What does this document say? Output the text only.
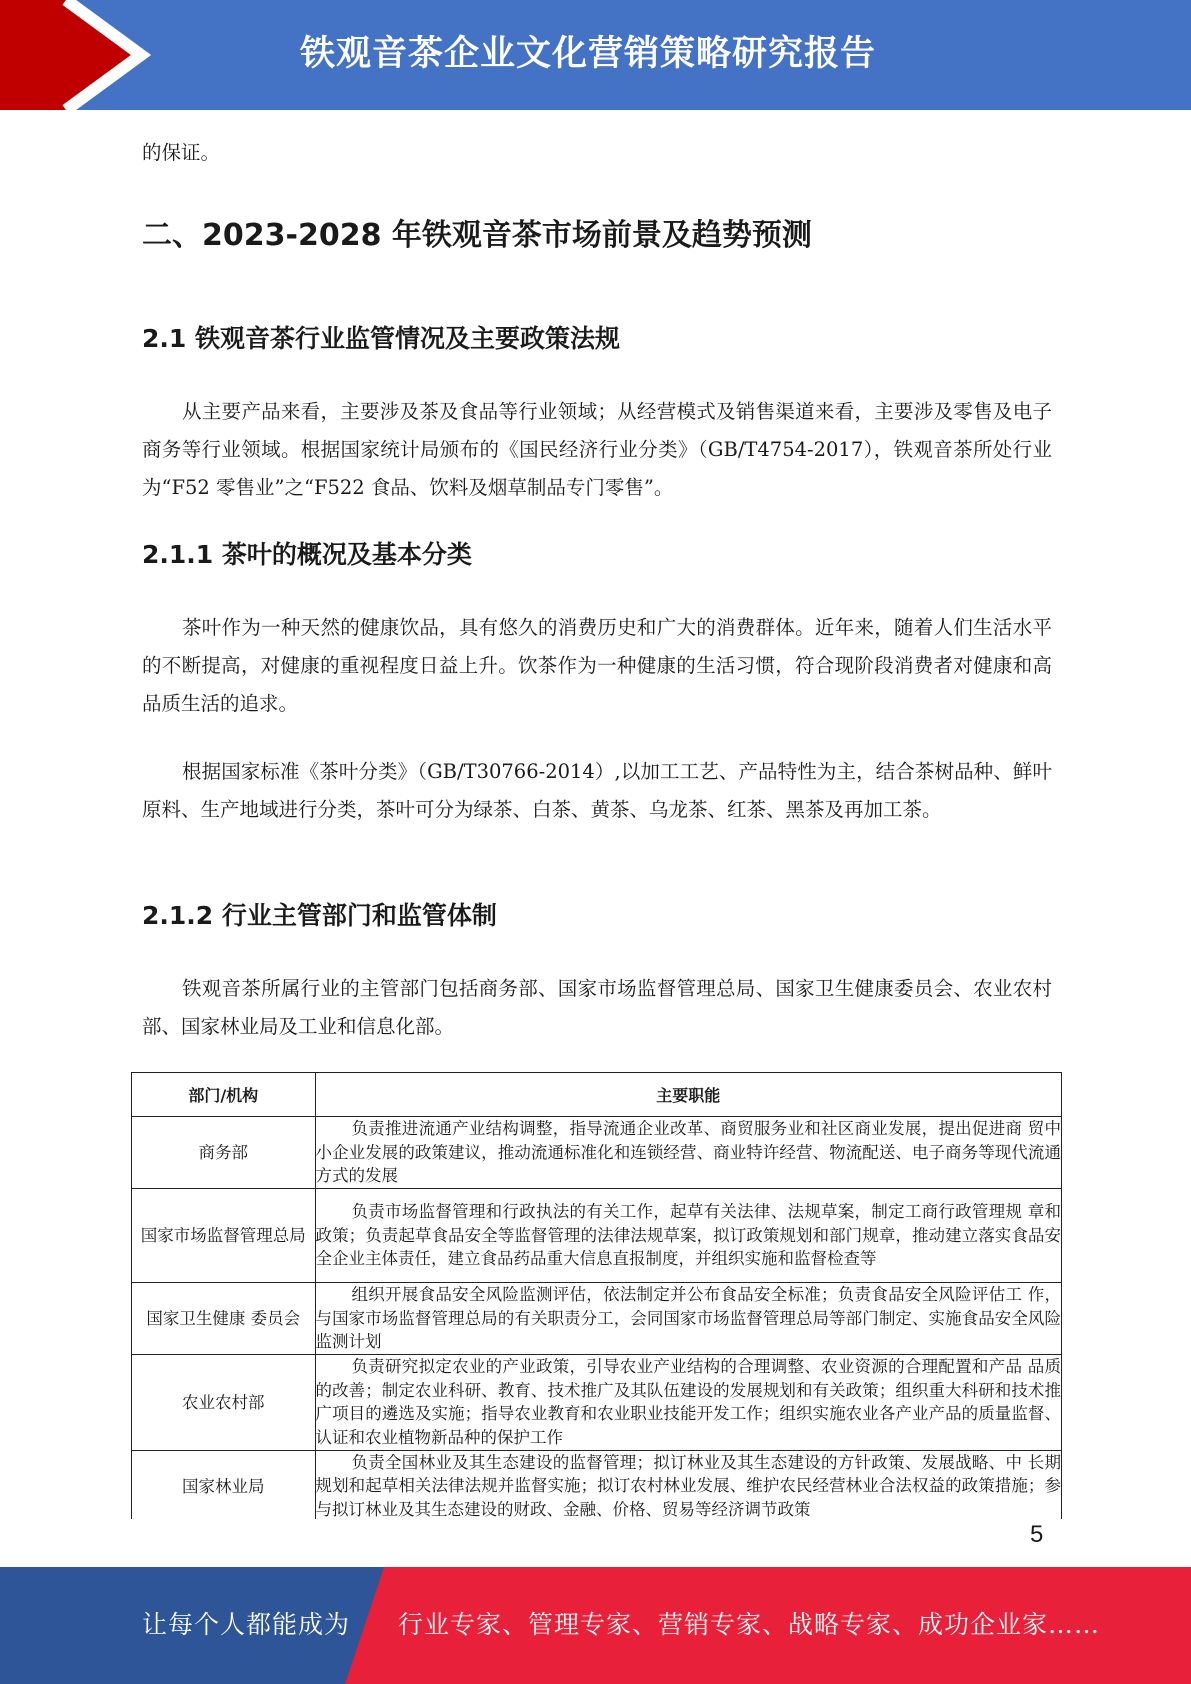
铁观音茶企业文化营销策略研究报告

的保证。

二、2023-2028 年铁观音茶市场前景及趋势预测
2.1 铁观音茶行业监管情况及主要政策法规

从主要产品来看，主要涉及茶及食品等行业领域；从经营模式及销售渠道来看，主要涉及零售及电子商务等行业领域。根据国家统计局颁布的《国民经济行业分类》（GB/T4754-2017），铁观音茶所处行业为“F52 零售业”之“F522 食品、饮料及烟草制品专门零售”。

2.1.1 茶叶的概况及基本分类

茶叶作为一种天然的健康饮品，具有悠久的消费历史和广大的消费群体。近年来，随着人们生活水平的不断提高，对健康的重视程度日益上升。饮茶作为一种健康的生活习惯，符合现阶段消费者对健康和高品质生活的追求。

根据国家标准《茶叶分类》（GB/T30766-2014）,以加工工艺、产品特性为主，结合茶树品种、鲜叶原料、生产地域进行分类，茶叶可分为绿茶、白茶、黄茶、乌龙茶、红茶、黑茶及再加工茶。

2.1.2 行业主管部门和监管体制

铁观音茶所属行业的主管部门包括商务部、国家市场监督管理总局、国家卫生健康委员会、农业农村部、国家林业局及工业和信息化部。

部门/机构	主要职能
商务部	负责推进流通产业结构调整，指导流通企业改革、商贸服务业和社区商业发展，提出促进商 贸中小企业发展的政策建议，推动流通标准化和连锁经营、商业特许经营、物流配送、电子商务等现代流通方式的发展
国家市场监督管理总局	负责市场监督管理和行政执法的有关工作，起草有关法律、法规草案，制定工商行政管理规 章和政策；负责起草食品安全等监督管理的法律法规草案，拟订政策规划和部门规章，推动建立落实食品安全企业主体责任，建立食品药品重大信息直报制度，并组织实施和监督检查等
国家卫生健康 委员会	组织开展食品安全风险监测评估，依法制定并公布食品安全标准；负责食品安全风险评估工 作，与国家市场监督管理总局的有关职责分工，会同国家市场监督管理总局等部门制定、实施食品安全风险监测计划
农业农村部	负责研究拟定农业的产业政策，引导农业产业结构的合理调整、农业资源的合理配置和产品 品质的改善；制定农业科研、教育、技术推广及其队伍建设的发展规划和有关政策；组织重大科研和技术推广项目的遴选及实施；指导农业教育和农业职业技能开发工作；组织实施农业各产业产品的质量监督、认证和农业植物新品种的保护工作
国家林业局	负责全国林业及其生态建设的监督管理；拟订林业及其生态建设的方针政策、发展战略、中 长期规划和起草相关法律法规并监督实施；拟订农村林业发展、维护农民经营林业合法权益的政策措施；参与拟订林业及其生态建设的财政、金融、价格、贸易等经济调节政策
5
让每个人都能成为 行业专家、管理专家、营销专家、战略专家、成功企业家……
